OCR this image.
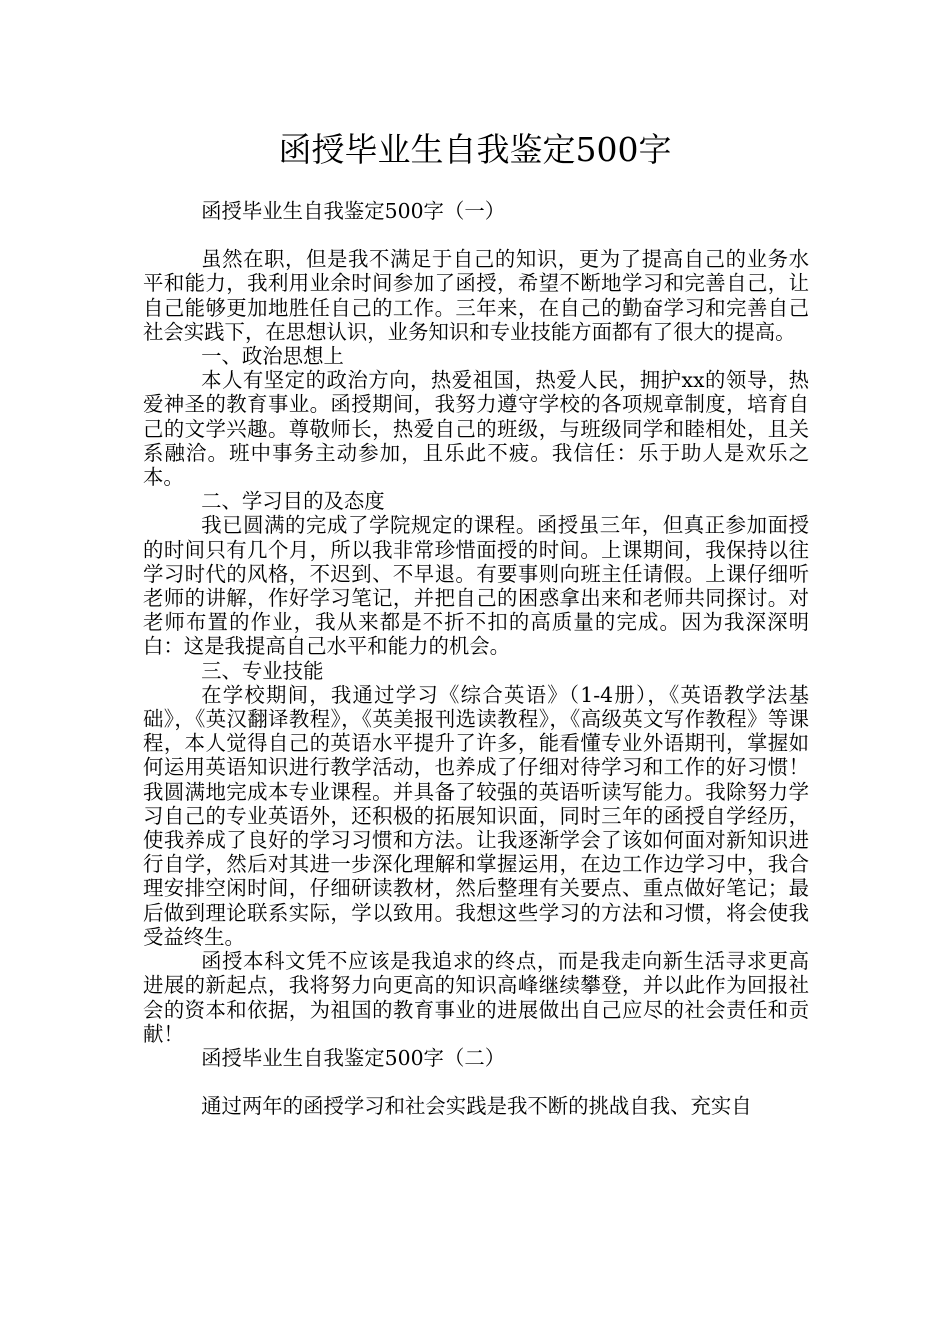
函授毕业生自我鉴定500字

函授毕业生自我鉴定500字（一）

虽然在职，但是我不满足于自己的知识，更为了提高自己的业务水平和能力，我利用业余时间参加了函授，希望不断地学习和完善自己，让自己能够更加地胜任自己的工作。三年来，在自己的勤奋学习和完善自己社会实践下，在思想认识，业务知识和专业技能方面都有了很大的提高。

一、政治思想上

本人有坚定的政治方向，热爱祖国，热爱人民，拥护xx的领导，热爱神圣的教育事业。函授期间，我努力遵守学校的各项规章制度，培育自己的文学兴趣。尊敬师长，热爱自己的班级，与班级同学和睦相处，且关系融洽。班中事务主动参加，且乐此不疲。我信任：乐于助人是欢乐之本。

二、学习目的及态度

我已圆满的完成了学院规定的课程。函授虽三年，但真正参加面授的时间只有几个月，所以我非常珍惜面授的时间。上课期间，我保持以往学习时代的风格，不迟到、不早退。有要事则向班主任请假。上课仔细听老师的讲解，作好学习笔记，并把自己的困惑拿出来和老师共同探讨。对老师布置的作业，我从来都是不折不扣的高质量的完成。因为我深深明白：这是我提高自己水平和能力的机会。

三、专业技能

在学校期间，我通过学习《综合英语》（1-4册），《英语教学法基础》，《英汉翻译教程》，《英美报刊选读教程》，《高级英文写作教程》等课程，本人觉得自己的英语水平提升了许多，能看懂专业外语期刊，掌握如何运用英语知识进行教学活动，也养成了仔细对待学习和工作的好习惯！我圆满地完成本专业课程。并具备了较强的英语听读写能力。我除努力学习自己的专业英语外，还积极的拓展知识面，同时三年的函授自学经历，使我养成了良好的学习习惯和方法。让我逐渐学会了该如何面对新知识进行自学，然后对其进一步深化理解和掌握运用，在边工作边学习中，我合理安排空闲时间，仔细研读教材，然后整理有关要点、重点做好笔记；最后做到理论联系实际，学以致用。我想这些学习的方法和习惯，将会使我受益终生。

函授本科文凭不应该是我追求的终点，而是我走向新生活寻求更高进展的新起点，我将努力向更高的知识高峰继续攀登，并以此作为回报社会的资本和依据，为祖国的教育事业的进展做出自己应尽的社会责任和贡献！

函授毕业生自我鉴定500字（二）

通过两年的函授学习和社会实践是我不断的挑战自我、充实自
